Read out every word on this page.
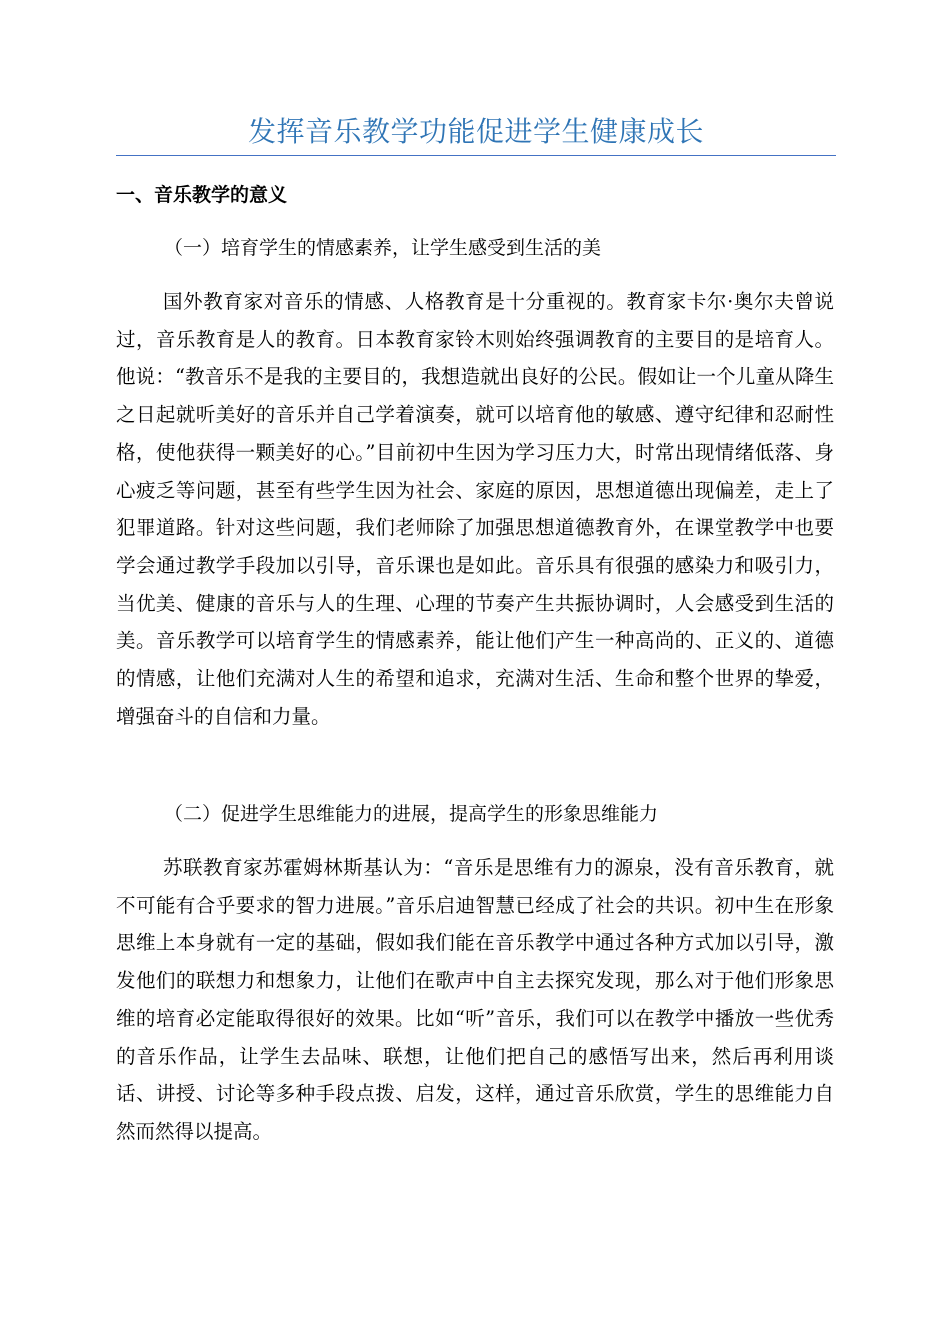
发挥音乐教学功能促进学生健康成长
一、音乐教学的意义
（一）培育学生的情感素养，让学生感受到生活的美
国外教育家对音乐的情感、人格教育是十分重视的。教育家卡尔·奥尔夫曾说过，音乐教育是人的教育。日本教育家铃木则始终强调教育的主要目的是培育人。他说：“教音乐不是我的主要目的，我想造就出良好的公民。假如让一个儿童从降生之日起就听美好的音乐并自己学着演奏，就可以培育他的敏感、遵守纪律和忍耐性格，使他获得一颗美好的心。”目前初中生因为学习压力大，时常出现情绪低落、身心疲乏等问题，甚至有些学生因为社会、家庭的原因，思想道德出现偏差，走上了犯罪道路。针对这些问题，我们老师除了加强思想道德教育外，在课堂教学中也要学会通过教学手段加以引导，音乐课也是如此。音乐具有很强的感染力和吸引力，当优美、健康的音乐与人的生理、心理的节奏产生共振协调时，人会感受到生活的美。音乐教学可以培育学生的情感素养，能让他们产生一种高尚的、正义的、道德的情感，让他们充满对人生的希望和追求，充满对生活、生命和整个世界的挚爱，增强奋斗的自信和力量。
（二）促进学生思维能力的进展，提高学生的形象思维能力
苏联教育家苏霍姆林斯基认为：“音乐是思维有力的源泉，没有音乐教育，就不可能有合乎要求的智力进展。”音乐启迪智慧已经成了社会的共识。初中生在形象思维上本身就有一定的基础，假如我们能在音乐教学中通过各种方式加以引导，激发他们的联想力和想象力，让他们在歌声中自主去探究发现，那么对于他们形象思维的培育必定能取得很好的效果。比如“听”音乐，我们可以在教学中播放一些优秀的音乐作品，让学生去品味、联想，让他们把自己的感悟写出来，然后再利用谈话、讲授、讨论等多种手段点拨、启发，这样，通过音乐欣赏，学生的思维能力自然而然得以提高。
